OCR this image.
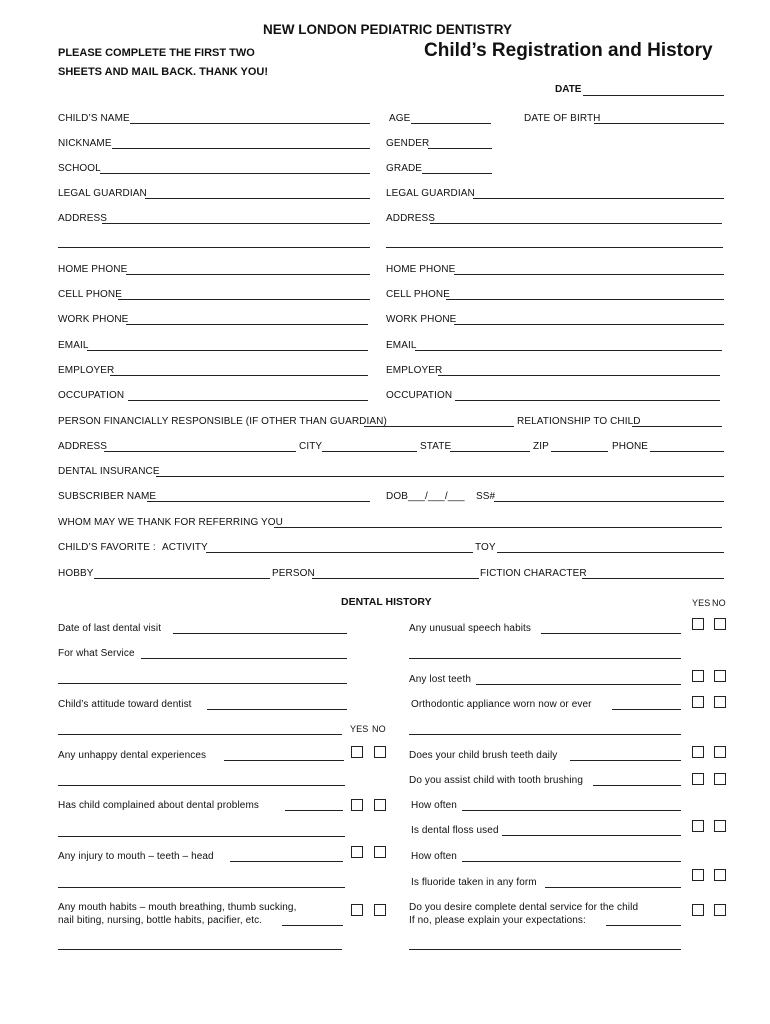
NEW LONDON PEDIATRIC DENTISTRY
PLEASE COMPLETE THE FIRST TWO
SHEETS AND MAIL BACK. THANK YOU!
Child’s Registration and History
DATE
CHILD’S NAME	AGE	DATE OF BIRTH
NICKNAME	GENDER
SCHOOL	GRADE
LEGAL GUARDIAN	LEGAL GUARDIAN
ADDRESS	ADDRESS
HOME PHONE	HOME PHONE
CELL PHONE	CELL PHONE
WORK PHONE	WORK PHONE
EMAIL	EMAIL
EMPLOYER	EMPLOYER
OCCUPATION	OCCUPATION
PERSON FINANCIALLY RESPONSIBLE (IF OTHER THAN GUARDIAN)	RELATIONSHIP TO CHILD
ADDRESS	CITY	STATE	ZIP	PHONE
DENTAL INSURANCE
SUBSCRIBER NAME	DOB___/___/___ SS#
WHOM MAY WE THANK FOR REFERRING YOU
CHILD’S FAVORITE : ACTIVITY	TOY
HOBBY	PERSON	FICTION CHARACTER
DENTAL HISTORY	YES NO
Date of last dental visit
For what Service
Child’s attitude toward dentist
YES NO
Any unhappy dental experiences
Has child complained about dental problems
Any injury to mouth – teeth – head
Any mouth habits – mouth breathing, thumb sucking,
nail biting, nursing, bottle habits, pacifier, etc.
Any unusual speech habits
Any lost teeth
Orthodontic appliance worn now or ever
Does your child brush teeth daily
Do you assist child with tooth brushing
How often
Is dental floss used
How often
Is fluoride taken in any form
Do you desire complete dental service for the child
If no, please explain your expectations:
